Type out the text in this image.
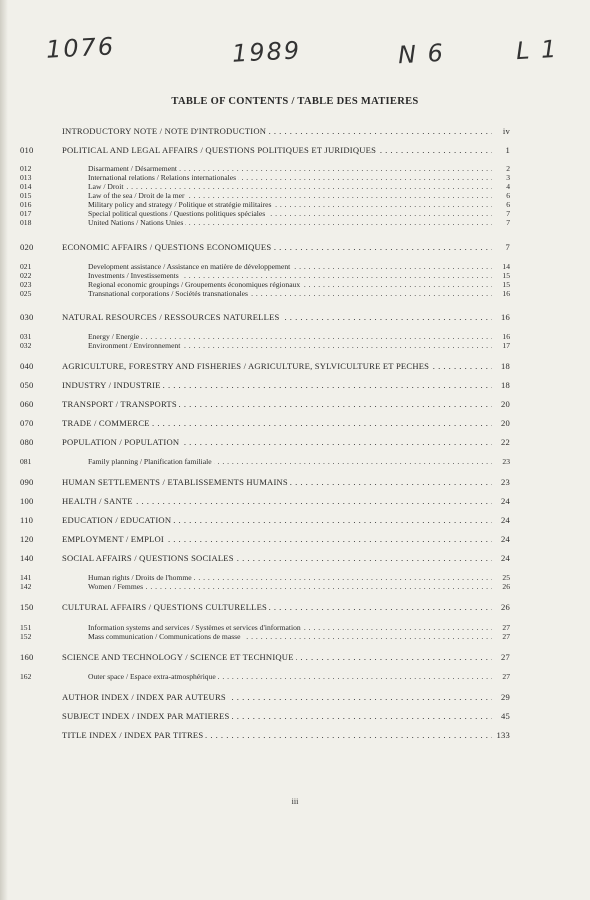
1076	1989	N 6	L 1
TABLE OF CONTENTS / TABLE DES MATIERES
INTRODUCTORY NOTE / NOTE D'INTRODUCTION . . .	iv
010	POLITICAL AND LEGAL AFFAIRS / QUESTIONS POLITIQUES ET JURIDIQUES . . .	1
012	Disarmament / Désarmement . . .	2
013	International relations / Relations internationales . . .	3
014	Law / Droit . . .	4
015	Law of the sea / Droit de la mer . . .	6
016	Military policy and strategy / Politique et stratégie militaires . . .	6
017	Special political questions / Questions politiques spéciales . . .	7
018	United Nations / Nations Unies . . .	7
020	ECONOMIC AFFAIRS / QUESTIONS ECONOMIQUES . . .	7
021	Development assistance / Assistance en matière de développement . . .	14
022	Investments / Investissements . . .	15
023	Regional economic groupings / Groupements économiques régionaux . . .	15
025	Transnational corporations / Sociétés transnationales . . .	16
030	NATURAL RESOURCES / RESSOURCES NATURELLES . . .	16
031	Energy / Energie . . .	16
032	Environment / Environnement . . .	17
040	AGRICULTURE, FORESTRY AND FISHERIES / AGRICULTURE, SYLVICULTURE ET PECHES . . .	18
050	INDUSTRY / INDUSTRIE . . .	18
060	TRANSPORT / TRANSPORTS . . .	20
070	TRADE / COMMERCE . . .	20
080	POPULATION / POPULATION . . .	22
081	Family planning / Planification familiale . . .	23
090	HUMAN SETTLEMENTS / ETABLISSEMENTS HUMAINS . . .	23
100	HEALTH / SANTE . . .	24
110	EDUCATION / EDUCATION . . .	24
120	EMPLOYMENT / EMPLOI . . .	24
140	SOCIAL AFFAIRS / QUESTIONS SOCIALES . . .	24
141	Human rights / Droits de l'homme . . .	25
142	Women / Femmes . . .	26
150	CULTURAL AFFAIRS / QUESTIONS CULTURELLES . . .	26
151	Information systems and services / Systèmes et services d'information . . .	27
152	Mass communication / Communications de masse . . .	27
160	SCIENCE AND TECHNOLOGY / SCIENCE ET TECHNIQUE . . .	27
162	Outer space / Espace extra-atmosphérique . . .	27
AUTHOR INDEX / INDEX PAR AUTEURS . . .	29
SUBJECT INDEX / INDEX PAR MATIERES . . .	45
TITLE INDEX / INDEX PAR TITRES . . .	133
iii
